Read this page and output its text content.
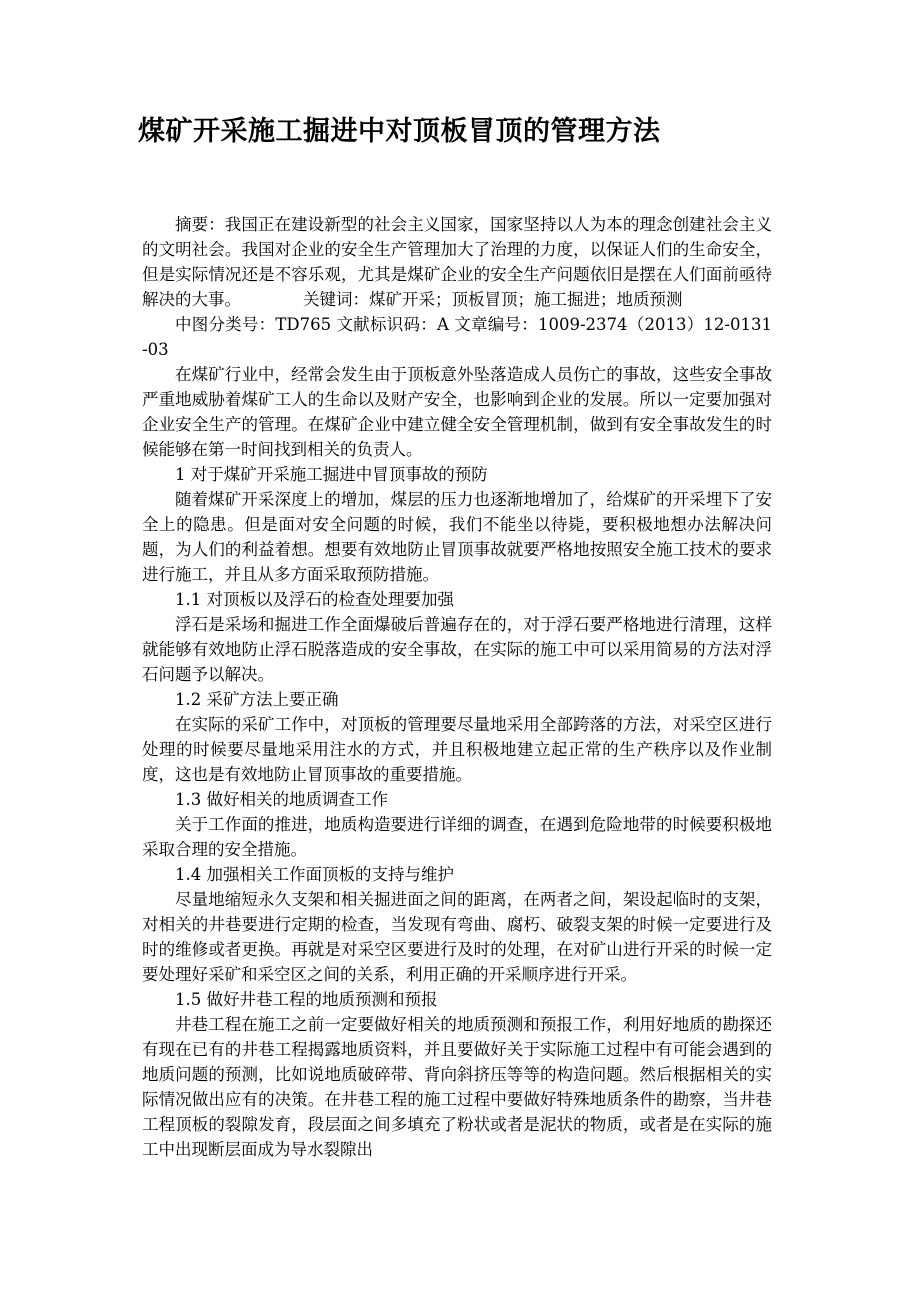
煤矿开采施工掘进中对顶板冒顶的管理方法

摘要：我国正在建设新型的社会主义国家，国家坚持以人为本的理念创建社会主义的文明社会。我国对企业的安全生产管理加大了治理的力度，以保证人们的生命安全，但是实际情况还是不容乐观，尤其是煤矿企业的安全生产问题依旧是摆在人们面前亟待解决的大事。	关键词：煤矿开采；顶板冒顶；施工掘进；地质预测

中图分类号：TD765 文献标识码：A 文章编号：1009-2374（2013）12-0131-03

在煤矿行业中，经常会发生由于顶板意外坠落造成人员伤亡的事故，这些安全事故严重地威胁着煤矿工人的生命以及财产安全，也影响到企业的发展。所以一定要加强对企业安全生产的管理。在煤矿企业中建立健全安全管理机制，做到有安全事故发生的时候能够在第一时间找到相关的负责人。

1 对于煤矿开采施工掘进中冒顶事故的预防

随着煤矿开采深度上的增加，煤层的压力也逐渐地增加了，给煤矿的开采埋下了安全上的隐患。但是面对安全问题的时候，我们不能坐以待毙，要积极地想办法解决问题，为人们的利益着想。想要有效地防止冒顶事故就要严格地按照安全施工技术的要求进行施工，并且从多方面采取预防措施。

1.1 对顶板以及浮石的检查处理要加强

浮石是采场和掘进工作全面爆破后普遍存在的，对于浮石要严格地进行清理，这样就能够有效地防止浮石脱落造成的安全事故，在实际的施工中可以采用简易的方法对浮石问题予以解决。

1.2 采矿方法上要正确

在实际的采矿工作中，对顶板的管理要尽量地采用全部跨落的方法，对采空区进行处理的时候要尽量地采用注水的方式，并且积极地建立起正常的生产秩序以及作业制度，这也是有效地防止冒顶事故的重要措施。

1.3 做好相关的地质调查工作

关于工作面的推进，地质构造要进行详细的调查，在遇到危险地带的时候要积极地采取合理的安全措施。

1.4 加强相关工作面顶板的支持与维护

尽量地缩短永久支架和相关掘进面之间的距离，在两者之间，架设起临时的支架，对相关的井巷要进行定期的检查，当发现有弯曲、腐朽、破裂支架的时候一定要进行及时的维修或者更换。再就是对采空区要进行及时的处理，在对矿山进行开采的时候一定要处理好采矿和采空区之间的关系，利用正确的开采顺序进行开采。

1.5 做好井巷工程的地质预测和预报

井巷工程在施工之前一定要做好相关的地质预测和预报工作，利用好地质的勘探还有现在已有的井巷工程揭露地质资料，并且要做好关于实际施工过程中有可能会遇到的地质问题的预测，比如说地质破碎带、背向斜挤压等等的构造问题。然后根据相关的实际情况做出应有的决策。在井巷工程的施工过程中要做好特殊地质条件的勘察，当井巷工程顶板的裂隙发育，段层面之间多填充了粉状或者是泥状的物质，或者是在实际的施工中出现断层面成为导水裂隙出
